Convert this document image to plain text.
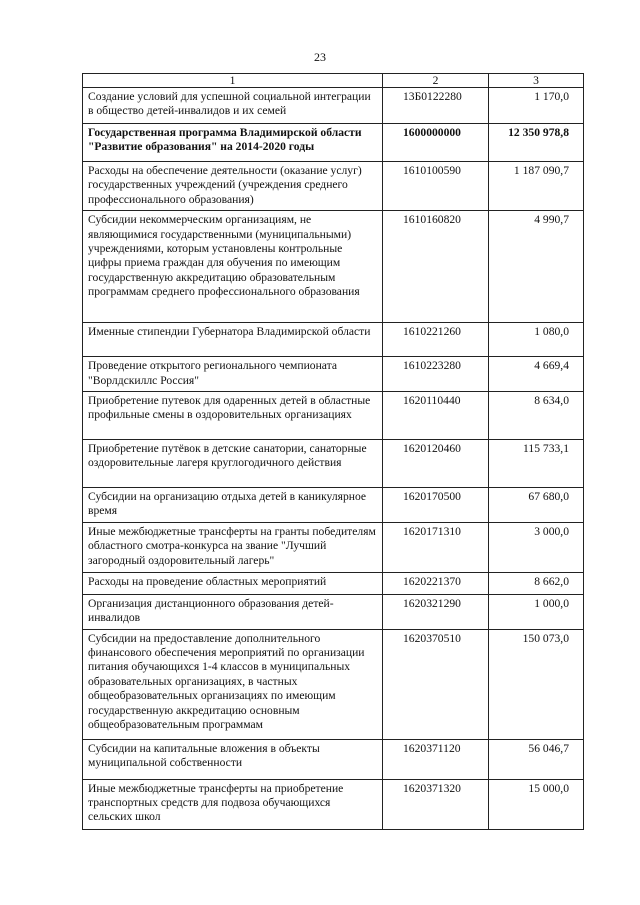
23
1	2	3
Создание условий для успешной социальной интеграции в общество детей-инвалидов и их семей	13Б0122280	1 170,0
Государственная программа Владимирской области "Развитие образования" на 2014-2020 годы	1600000000	12 350 978,8
Расходы на обеспечение деятельности (оказание услуг) государственных учреждений (учреждения среднего профессионального образования)	1610100590	1 187 090,7
Субсидии некоммерческим организациям, не являющимися государственными (муниципальными) учреждениями, которым установлены контрольные цифры приема граждан для обучения по имеющим государственную аккредитацию образовательным программам среднего профессионального образования	1610160820	4 990,7
Именные стипендии Губернатора Владимирской области	1610221260	1 080,0
Проведение открытого регионального чемпионата "Ворлдскиллс Россия"	1610223280	4 669,4
Приобретение путевок для одаренных детей в областные профильные смены в оздоровительных организациях	1620110440	8 634,0
Приобретение путёвок в детские санатории, санаторные оздоровительные лагеря круглогодичного действия	1620120460	115 733,1
Субсидии на организацию отдыха детей в каникулярное время	1620170500	67 680,0
Иные межбюджетные трансферты на гранты победителям областного смотра-конкурса на звание "Лучший загородный оздоровительный лагерь"	1620171310	3 000,0
Расходы на проведение областных мероприятий	1620221370	8 662,0
Организация дистанционного образования детей-инвалидов	1620321290	1 000,0
Субсидии на предоставление дополнительного финансового обеспечения мероприятий по организации питания обучающихся 1-4 классов в муниципальных образовательных организациях, в частных общеобразовательных организациях по имеющим государственную аккредитацию основным общеобразовательным программам	1620370510	150 073,0
Субсидии на капитальные вложения в объекты муниципальной собственности	1620371120	56 046,7
Иные межбюджетные трансферты на приобретение транспортных средств для подвоза обучающихся сельских школ	1620371320	15 000,0
